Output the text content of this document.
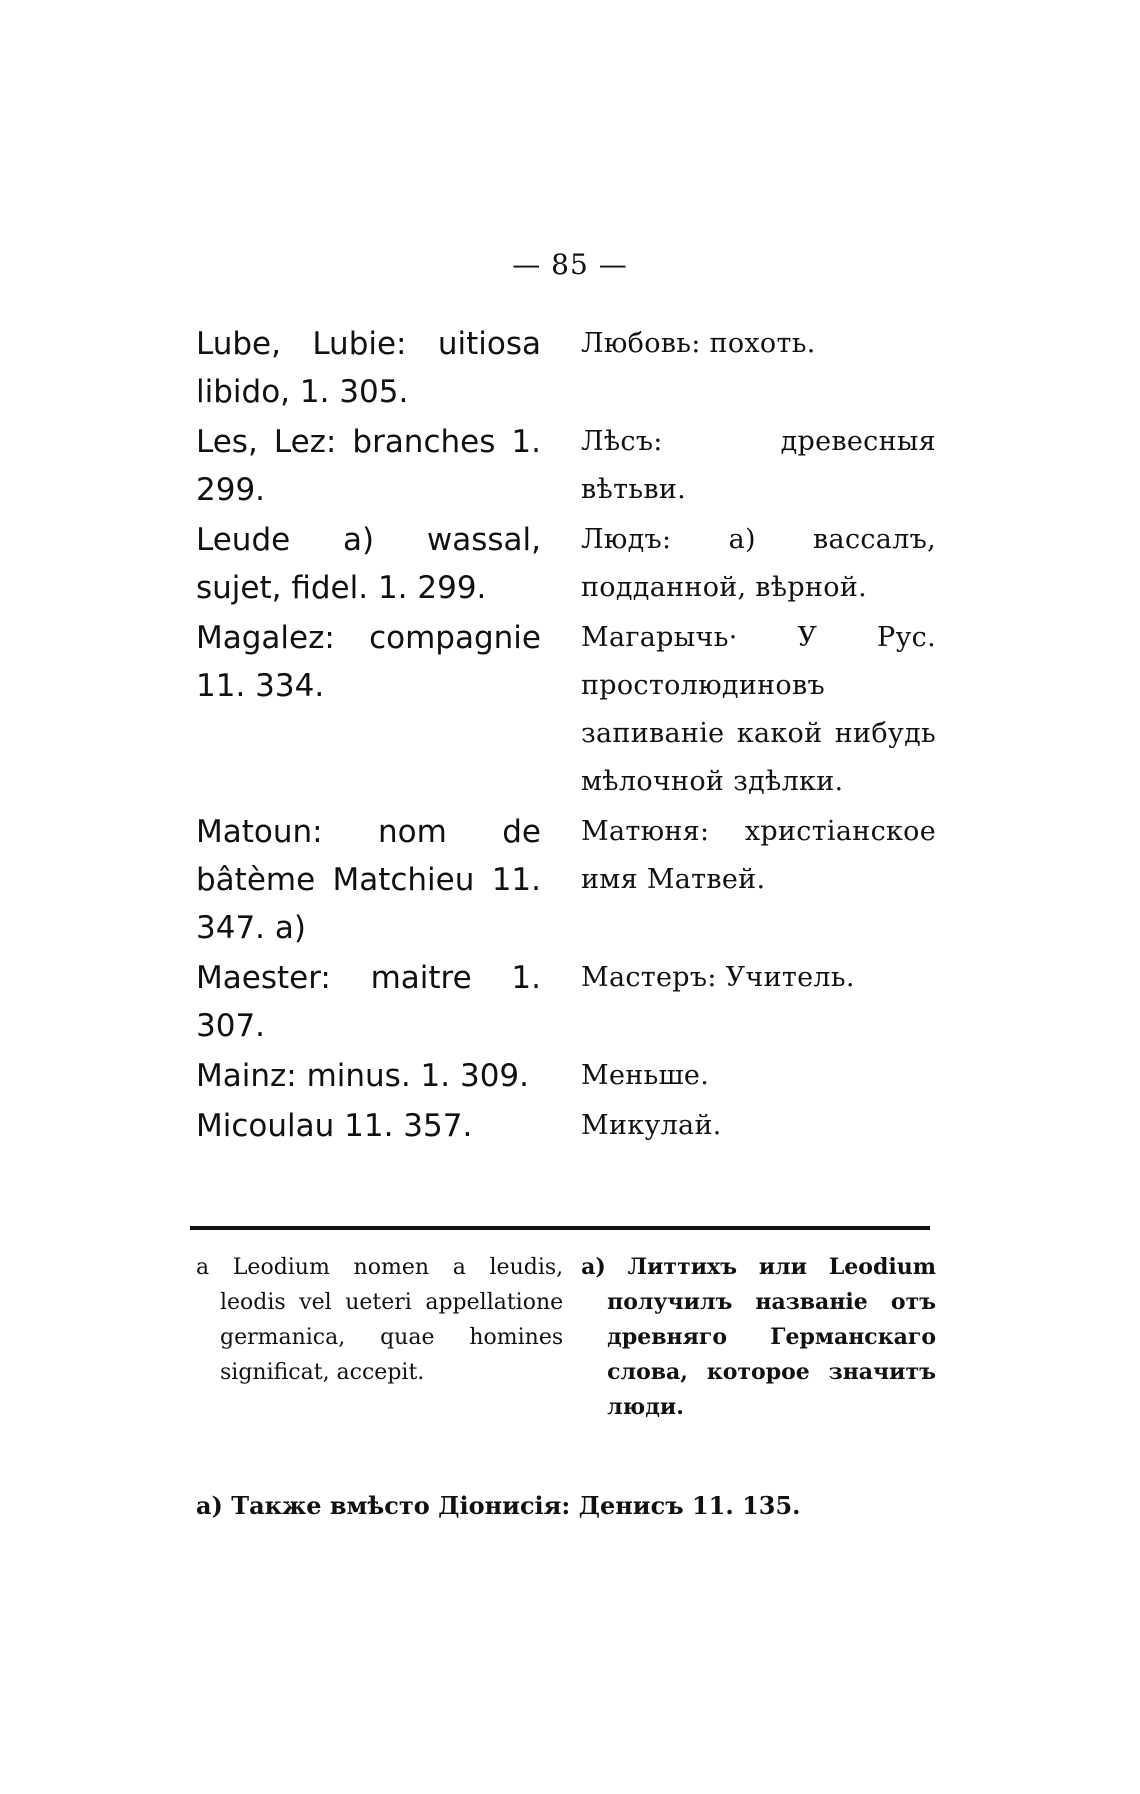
— 85 —
Lube, Lubie: uitiosa libido, 1. 305.
Любовь: похоть.
Les, Lez: branches 1. 299.
Лѣсъ: древесныя вѣтьви.
Leude a) wassal, sujet, fidel. 1. 299.
Людъ: а) вассалъ, подданной, вѣрной.
Magalez: compagnie 11. 334.
Магарычь· У Рус. простолюдиновъ запиваніе какой нибудь мѣлочной здѣлки.
Matoun: nom de bâtème Matchieu 11. 347. a)
Матюня: христіанское имя Матвей.
Maester: maitre 1. 307.
Мастеръ: Учитель.
Mainz: minus. 1. 309.	Меньше.
Micoulau 11. 357.	Микулай.
a Leodium nomen a leudis, leodis vel ueteri appellatione germanica, quae homines significat, accepit.
а) Литтихъ или Leodium получилъ названіе отъ древняго Германскаго слова, которое значитъ люди.
а) Также вмѣсто Діонисія: Денисъ 11. 135.
